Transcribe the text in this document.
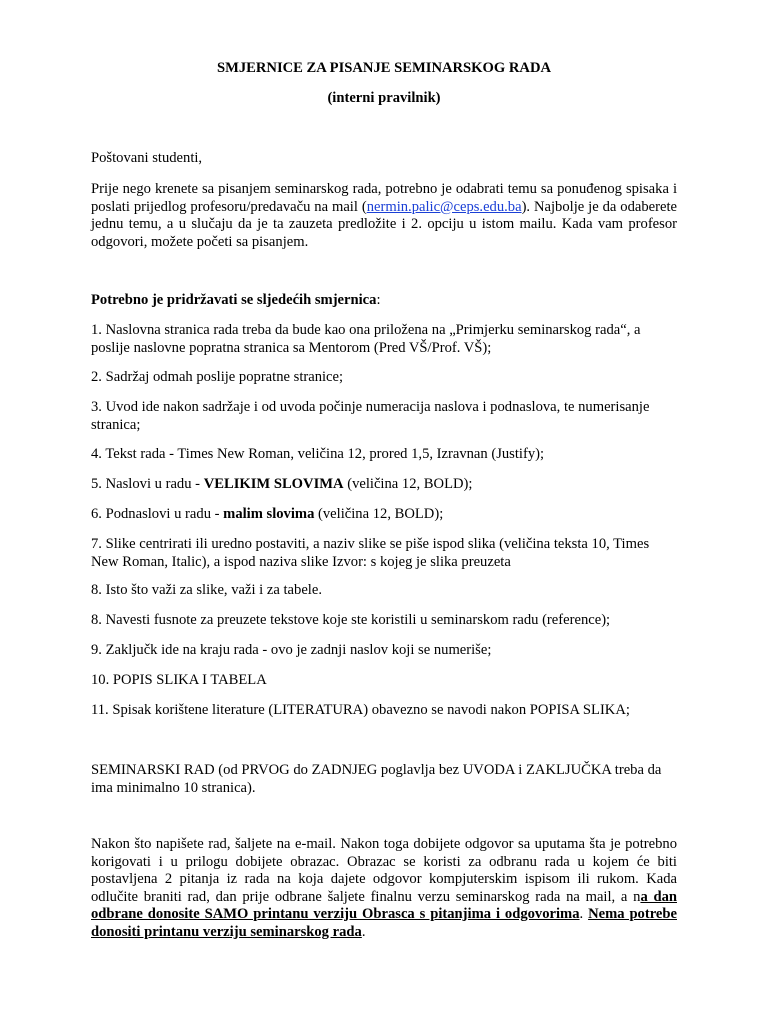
SMJERNICE ZA PISANJE SEMINARSKOG RADA
(interni pravilnik)

Poštovani studenti,

Prije nego krenete sa pisanjem seminarskog rada, potrebno je odabrati temu sa ponuđenog spisaka i poslati prijedlog profesoru/predavaču na mail (nermin.palic@ceps.edu.ba). Najbolje je da odaberete jednu temu, a u slučaju da je ta zauzeta predložite i 2. opciju u istom mailu. Kada vam profesor odgovori, možete početi sa pisanjem.

Potrebno je pridržavati se sljedećih smjernica:

1. Naslovna stranica rada treba da bude kao ona priložena na „Primjerku seminarskog rada“, a poslije naslovne popratna stranica sa Mentorom (Pred VŠ/Prof. VŠ);

2. Sadržaj odmah poslije popratne stranice;

3. Uvod ide nakon sadržaje i od uvoda počinje numeracija naslova i podnaslova, te numerisanje stranica;

4. Tekst rada - Times New Roman, veličina 12, prored 1,5, Izravnan (Justify);

5. Naslovi u radu - VELIKIM SLOVIMA (veličina 12, BOLD);

6. Podnaslovi u radu - malim slovima (veličina 12, BOLD);

7. Slike centrirati ili uredno postaviti, a naziv slike se piše ispod slika (veličina teksta 10, Times New Roman, Italic), a ispod naziva slike Izvor: s kojeg je slika preuzeta

8. Isto što važi za slike, važi i za tabele.

8. Navesti fusnote za preuzete tekstove koje ste koristili u seminarskom radu (reference);

9. Zaključk ide na kraju rada - ovo je zadnji naslov koji se numeriše;

10. POPIS SLIKA I TABELA

11. Spisak korištene literature (LITERATURA) obavezno se navodi nakon POPISA SLIKA;

SEMINARSKI RAD (od PRVOG do ZADNJEG poglavlja bez UVODA i ZAKLJUČKA treba da ima minimalno 10 stranica).

Nakon što napišete rad, šaljete na e-mail. Nakon toga dobijete odgovor sa uputama šta je potrebno korigovati i u prilogu dobijete obrazac. Obrazac se koristi za odbranu rada u kojem će biti postavljena 2 pitanja iz rada na koja dajete odgovor kompjuterskim ispisom ili rukom. Kada odlučite braniti rad, dan prije odbrane šaljete finalnu verzu seminarskog rada na mail, a na dan odbrane donosite SAMO printanu verziju Obrasca s pitanjima i odgovorima. Nema potrebe donositi printanu verziju seminarskog rada.
